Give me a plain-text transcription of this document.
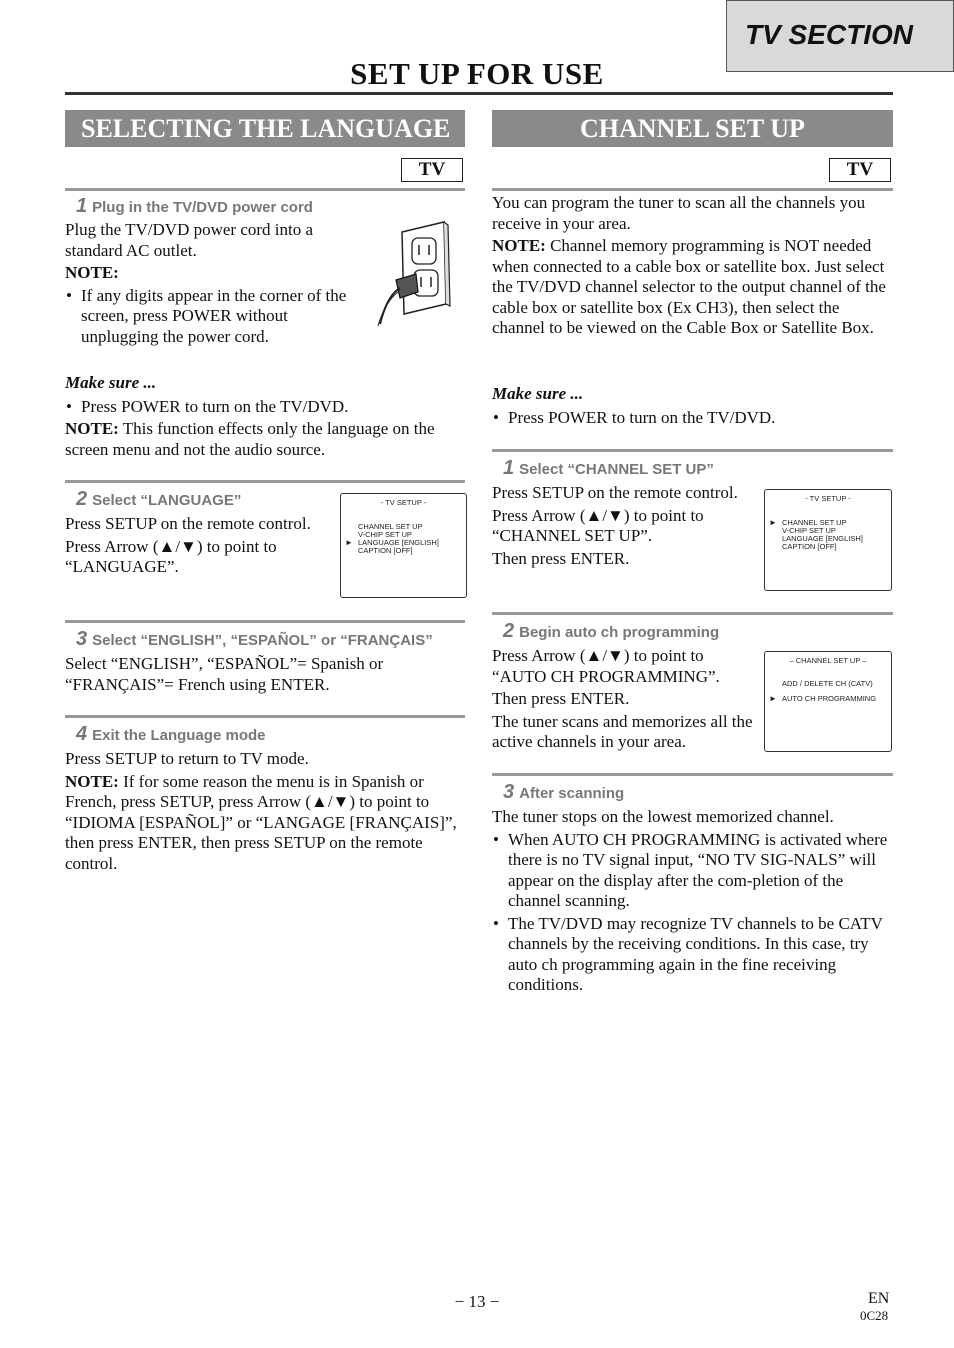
TV SECTION
SET UP FOR USE
SELECTING THE LANGUAGE
TV
1 Plug in the TV/DVD power cord

Plug the TV/DVD power cord into a standard AC outlet.

NOTE:

• If any digits appear in the corner of the screen, press POWER without unplugging the power cord.

Make sure ...

• Press POWER to turn on the TV/DVD.

NOTE: This function effects only the language on the screen menu and not the audio source.

2 Select “LANGUAGE”

Press SETUP on the remote control.

Press Arrow (▲/▼) to point to “LANGUAGE”.

- TV SETUP -
►
CHANNEL SET UP
V-CHIP SET UP
LANGUAGE [ENGLISH]
CAPTION [OFF]
3 Select “ENGLISH”, “ESPAÑOL” or “FRANÇAIS”

Select “ENGLISH”, “ESPAÑOL”= Spanish or “FRANÇAIS”= French using ENTER.

4 Exit the Language mode

Press SETUP to return to TV mode.

NOTE: If for some reason the menu is in Spanish or French, press SETUP, press Arrow (▲/▼) to point to “IDIOMA [ESPAÑOL]” or “LANGAGE [FRANÇAIS]”, then press ENTER, then press SETUP on the remote control.

CHANNEL SET UP
TV

You can program the tuner to scan all the channels you receive in your area.

NOTE: Channel memory programming is NOT needed when connected to a cable box or satellite box. Just select the TV/DVD channel selector to the output channel of the cable box or satellite box (Ex CH3), then select the channel to be viewed on the Cable Box or Satellite Box.

Make sure ...

• Press POWER to turn on the TV/DVD.

1 Select “CHANNEL SET UP”

Press SETUP on the remote control.

Press Arrow (▲/▼) to point to “CHANNEL SET UP”.

Then press ENTER.

- TV SETUP -
► CHANNEL SET UP
V-CHIP SET UP
LANGUAGE [ENGLISH]
CAPTION [OFF]
2 Begin auto ch programming

Press Arrow (▲/▼) to point to “AUTO CH PROGRAMMING”.

Then press ENTER.

The tuner scans and memorizes all the active channels in your area.

– CHANNEL SET UP –
►
ADD / DELETE CH (CATV)
AUTO CH PROGRAMMING
3 After scanning

The tuner stops on the lowest memorized channel.

• When AUTO CH PROGRAMMING is activated where there is no TV signal input, “NO TV SIG-NALS” will appear on the display after the com-pletion of the channel scanning.

• The TV/DVD may recognize TV channels to be CATV channels by the receiving conditions. In this case, try auto ch programming again in the fine receiving conditions.

− 13 −	EN
0C28
